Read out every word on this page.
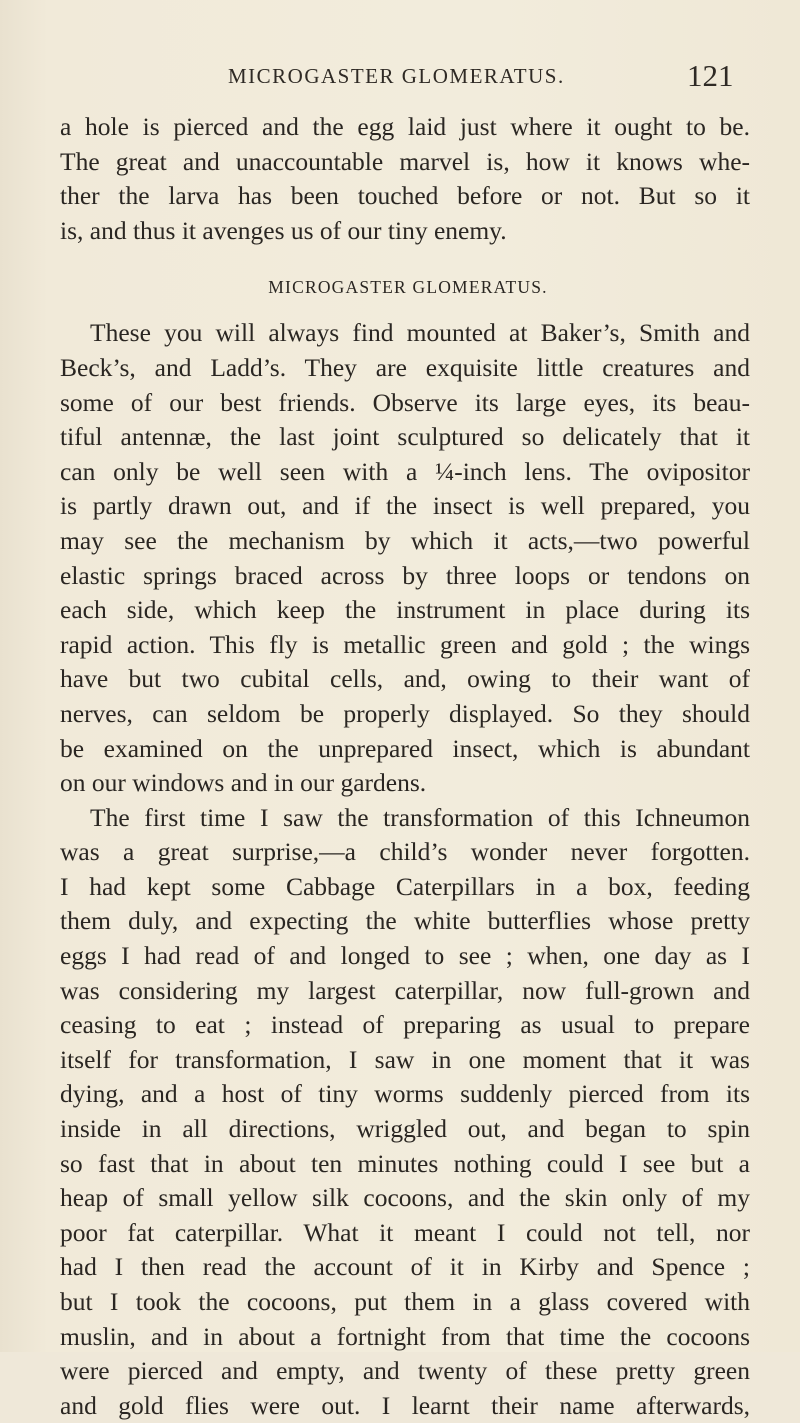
MICROGASTER GLOMERATUS.	121
a hole is pierced and the egg laid just where it ought to be.
The great and unaccountable marvel is, how it knows whe-
ther the larva has been touched before or not. But so it
is, and thus it avenges us of our tiny enemy.
MICROGASTER GLOMERATUS.
These you will always find mounted at Baker’s, Smith and
Beck’s, and Ladd’s. They are exquisite little creatures and
some of our best friends. Observe its large eyes, its beau-
tiful antennæ, the last joint sculptured so delicately that it
can only be well seen with a ¼-inch lens. The ovipositor
is partly drawn out, and if the insect is well prepared, you
may see the mechanism by which it acts,—two powerful
elastic springs braced across by three loops or tendons on
each side, which keep the instrument in place during its
rapid action. This fly is metallic green and gold ; the wings
have but two cubital cells, and, owing to their want of
nerves, can seldom be properly displayed. So they should
be examined on the unprepared insect, which is abundant
on our windows and in our gardens.
The first time I saw the transformation of this Ichneumon
was a great surprise,—a child’s wonder never forgotten.
I had kept some Cabbage Caterpillars in a box, feeding
them duly, and expecting the white butterflies whose pretty
eggs I had read of and longed to see ; when, one day as I
was considering my largest caterpillar, now full-grown and
ceasing to eat ; instead of preparing as usual to prepare
itself for transformation, I saw in one moment that it was
dying, and a host of tiny worms suddenly pierced from its
inside in all directions, wriggled out, and began to spin
so fast that in about ten minutes nothing could I see but a
heap of small yellow silk cocoons, and the skin only of my
poor fat caterpillar. What it meant I could not tell, nor
had I then read the account of it in Kirby and Spence ;
but I took the cocoons, put them in a glass covered with
muslin, and in about a fortnight from that time the cocoons
were pierced and empty, and twenty of these pretty green
and gold flies were out. I learnt their name afterwards,
